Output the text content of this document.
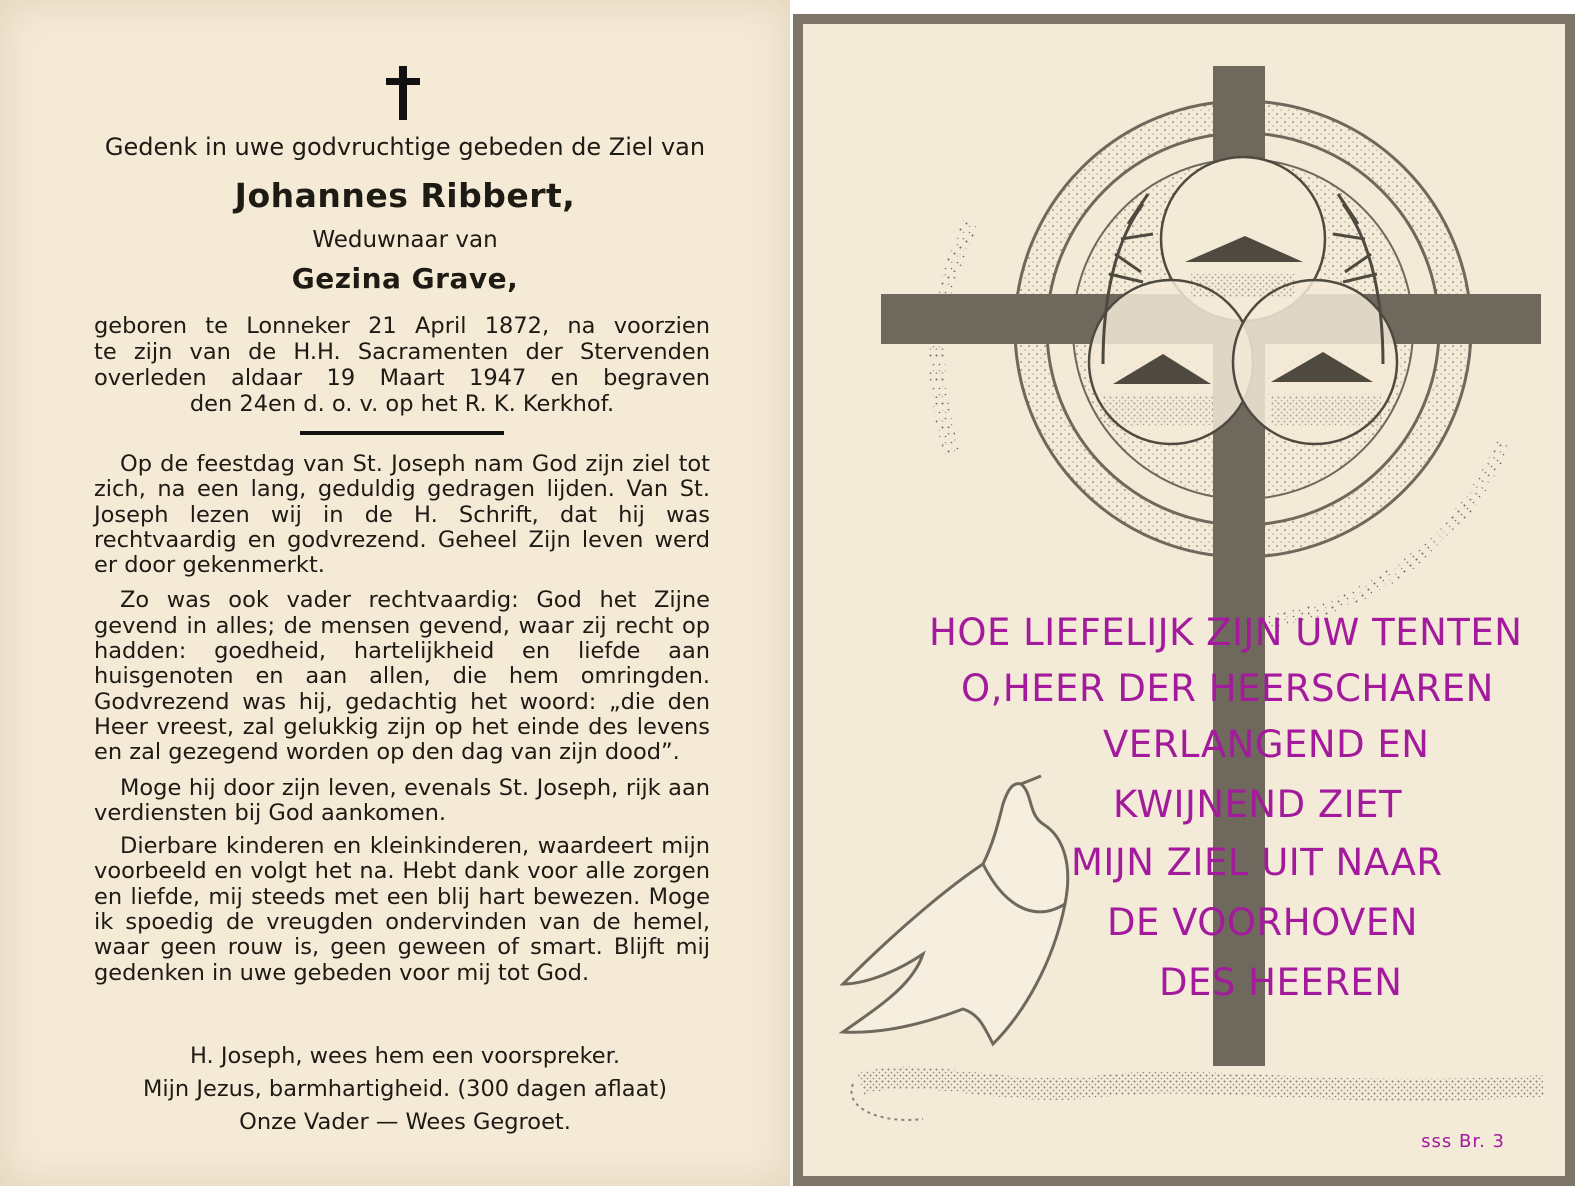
Gedenk in uwe godvruchtige gebeden de Ziel van
Johannes Ribbert,
Weduwnaar van
Gezina Grave,
geboren te Lonneker 21 April 1872, na voorzien
te zijn van de H.H. Sacramenten der Stervenden
overleden aldaar 19 Maart 1947 en begraven
den 24en d. o. v. op het R. K. Kerkhof.

Op de feestdag van St. Joseph nam God zijn ziel tot zich, na een lang, geduldig gedragen lijden. Van St. Joseph lezen wij in de H. Schrift, dat hij was rechtvaardig en godvrezend. Geheel Zijn leven werd er door gekenmerkt.

Zo was ook vader rechtvaardig: God het Zijne gevend in alles; de mensen gevend, waar zij recht op hadden: goedheid, hartelijkheid en liefde aan huisgenoten en aan allen, die hem omringden. Godvrezend was hij, gedachtig het woord: „die den Heer vreest, zal gelukkig zijn op het einde des levens en zal gezegend worden op den dag van zijn dood”.

Moge hij door zijn leven, evenals St. Joseph, rijk aan verdiensten bij God aankomen.

Dierbare kinderen en kleinkinderen, waardeert mijn voorbeeld en volgt het na. Hebt dank voor alle zorgen en liefde, mij steeds met een blij hart bewezen. Moge ik spoedig de vreugden ondervinden van de hemel, waar geen rouw is, geen geween of smart. Blijft mij gedenken in uwe gebeden voor mij tot God.

H. Joseph, wees hem een voorspreker.
Mijn Jezus, barmhartigheid. (300 dagen aflaat)
Onze Vader — Wees Gegroet.
HOE LIEFELIJK ZIJN UW TENTEN
O,HEER DER HEERSCHAREN
VERLANGEND EN
KWIJNEND ZIET
MIJN ZIEL UIT NAAR
DE VOORHOVEN
DES HEEREN
sss Br. 3
